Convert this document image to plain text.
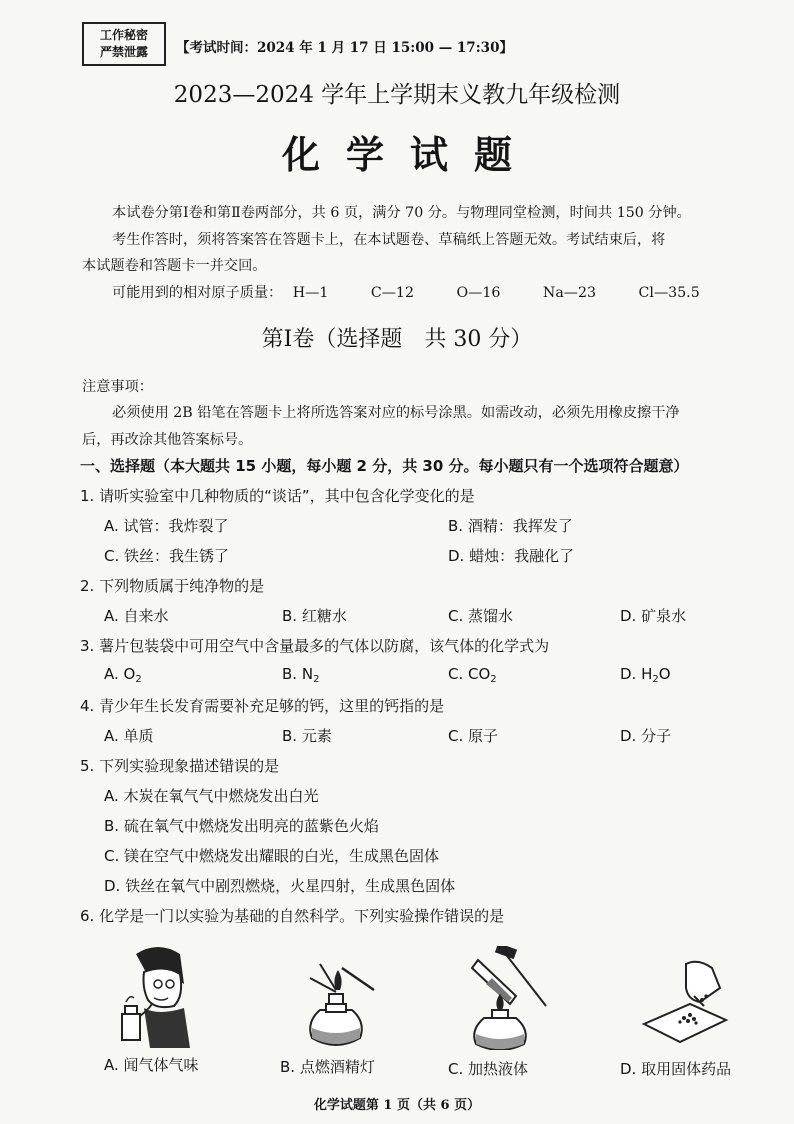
工作秘密
严禁泄露	【考试时间：2024 年 1 月 17 日 15:00 — 17:30】
2023—2024 学年上学期末义教九年级检测
化学试题
本试卷分第Ⅰ卷和第Ⅱ卷两部分，共 6 页，满分 70 分。与物理同堂检测，时间共 150 分钟。
考生作答时，须将答案答在答题卡上，在本试题卷、草稿纸上答题无效。考试结束后，将
本试题卷和答题卡一并交回。
可能用到的相对原子质量： H—1	C—12	O—16	Na—23	Cl—35.5
第Ⅰ卷（选择题　共 30 分）
注意事项：
必须使用 2B 铅笔在答题卡上将所选答案对应的标号涂黑。如需改动，必须先用橡皮擦干净
后，再改涂其他答案标号。
一、选择题（本大题共 15 小题，每小题 2 分，共 30 分。每小题只有一个选项符合题意）
1. 请听实验室中几种物质的“谈话”，其中包含化学变化的是
A. 试管：我炸裂了	B. 酒精：我挥发了
C. 铁丝：我生锈了	D. 蜡烛：我融化了
2. 下列物质属于纯净物的是
A. 自来水	B. 红糖水	C. 蒸馏水	D. 矿泉水
3. 薯片包装袋中可用空气中含量最多的气体以防腐，该气体的化学式为
A. $O_2$	B. $N_2$	C. $CO_2$	D. $H_2O$
4. 青少年生长发育需要补充足够的钙，这里的钙指的是
A. 单质	B. 元素	C. 原子	D. 分子
5. 下列实验现象描述错误的是
A. 木炭在氧气气中燃烧发出白光
B. 硫在氧气中燃烧发出明亮的蓝紫色火焰
C. 镁在空气中燃烧发出耀眼的白光，生成黑色固体
D. 铁丝在氧气中剧烈燃烧，火星四射，生成黑色固体
6. 化学是一门以实验为基础的自然科学。下列实验操作错误的是
A. 闻气体气味	B. 点燃酒精灯	C. 加热液体	D. 取用固体药品
化学试题第 1 页（共 6 页）
